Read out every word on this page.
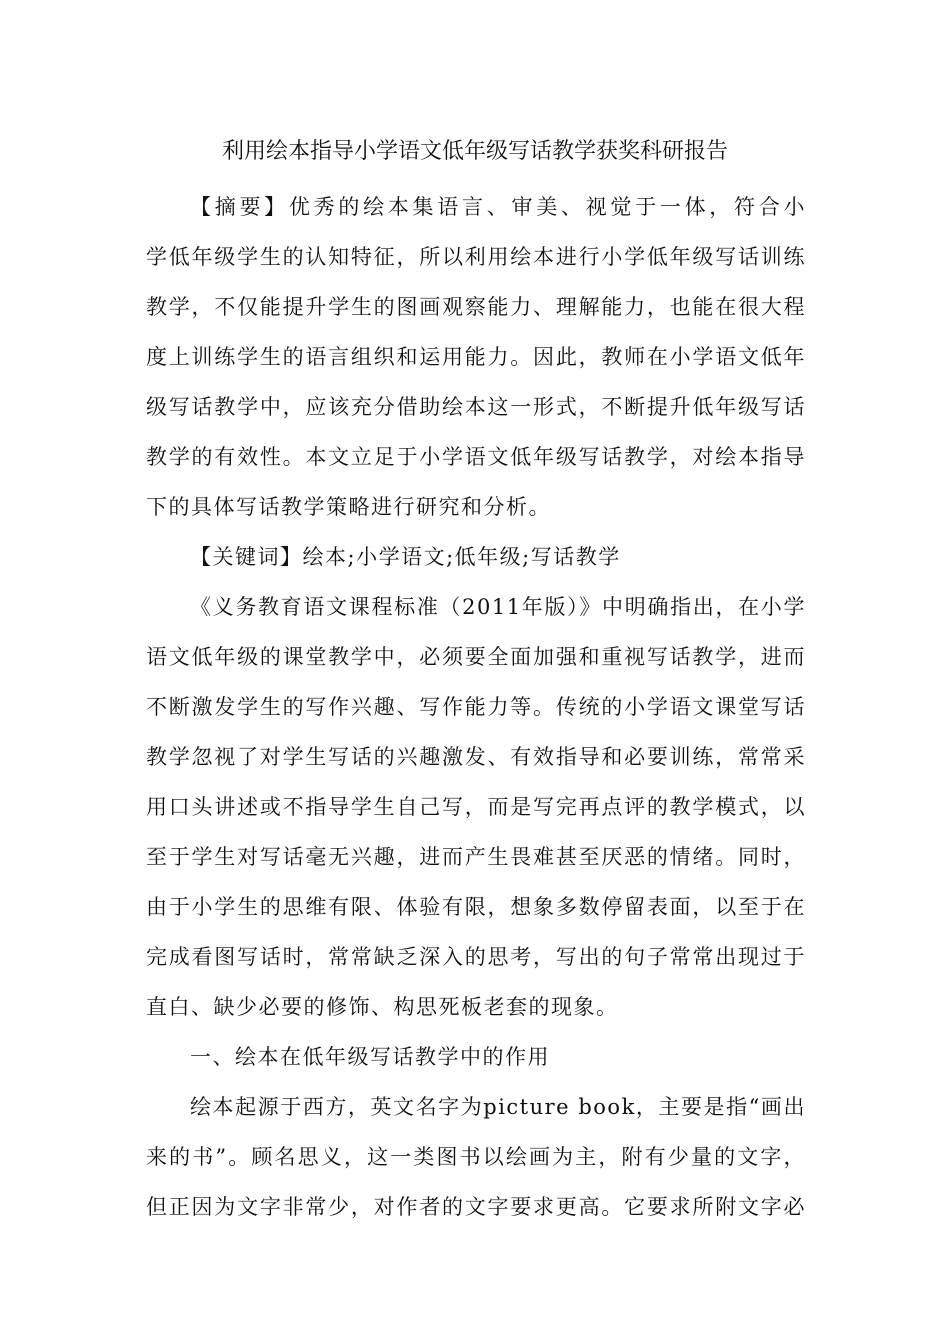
利用绘本指导小学语文低年级写话教学获奖科研报告
【摘要】优秀的绘本集语言、审美、视觉于一体，符合小
学低年级学生的认知特征，所以利用绘本进行小学低年级写话训练
教学，不仅能提升学生的图画观察能力、理解能力，也能在很大程
度上训练学生的语言组织和运用能力。因此，教师在小学语文低年
级写话教学中，应该充分借助绘本这一形式，不断提升低年级写话
教学的有效性。本文立足于小学语文低年级写话教学，对绘本指导
下的具体写话教学策略进行研究和分析。
【关键词】绘本;小学语文;低年级;写话教学
《义务教育语文课程标准（2011年版）》中明确指出，在小学
语文低年级的课堂教学中，必须要全面加强和重视写话教学，进而
不断激发学生的写作兴趣、写作能力等。传统的小学语文课堂写话
教学忽视了对学生写话的兴趣激发、有效指导和必要训练，常常采
用口头讲述或不指导学生自己写，而是写完再点评的教学模式，以
至于学生对写话毫无兴趣，进而产生畏难甚至厌恶的情绪。同时，
由于小学生的思维有限、体验有限，想象多数停留表面，以至于在
完成看图写话时，常常缺乏深入的思考，写出的句子常常出现过于
直白、缺少必要的修饰、构思死板老套的现象。
一、绘本在低年级写话教学中的作用
绘本起源于西方，英文名字为picture book，主要是指“画出
来的书”。顾名思义，这一类图书以绘画为主，附有少量的文字，
但正因为文字非常少，对作者的文字要求更高。它要求所附文字必
